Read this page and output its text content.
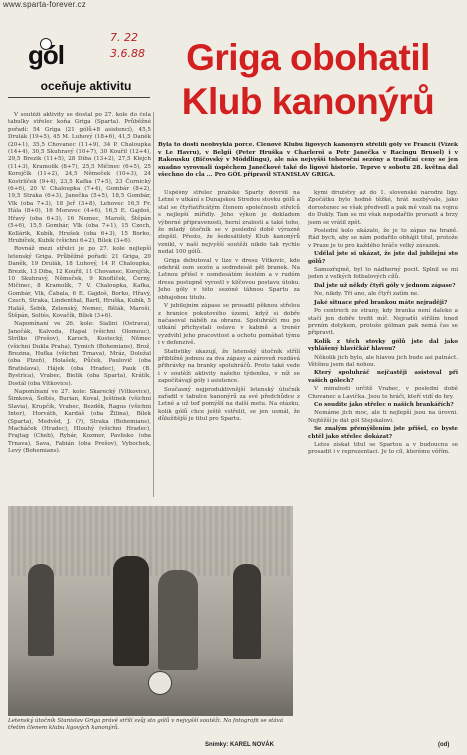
www.sparta-forever.cz
gól
7. 22
3.6.88
oceňuje aktivitu
Griga obohatil Klub kanonýrů
Byla to dosti neobvyklá porce. Členové Klubu ligových kanonýrů střelili góly ve Francii (Vízek v Le Havru), v Belgii (Peter Hruška v Charleroi a Petr Janečka v Racingu Brusel) i v Rakousku (Bičovský v Möddlingu), ale nás nejvyšší tohoroční sezóny a tradiční ceny se jen snadno vyrovnali úspěchem Janečkové také do ligové historie. Teprve v sobotu 28. května dal všechno do cla ... Pro GÓL připravil STANISLAV GRIGA.

V soutěži aktivity se dostal po 27. kole do čela tabulky střelec koňa Griga (Sparta). Průběžné pořadí: 54 Griga (21 gólů+8 asistencí), 45,5 Drulák (19+5), 45 M. Luhový (18+6), 41,5 Daněk (20+1), 35,5 Chovanec (11+9), 34 P. Chaloupka (14+4), 30,5 Skuhravý (10+7), 30 Kouřil (12+4), 29,5 Brezik (11+5), 28 Diba (13+2), 27,5 Klejch (11+3), Kramolík (8+7), 25,5 Mičinec (6+5), 25 Korejčík (11+2), 24,5 Němeček (10+3), 24 Kostrlíček (9+4), 23,5 Kafka (7+5), 23 Čurnický (6+6), 20 V. Chaloupka (7+4), Gombár (8+2), 19,5 Straka (6+3), Janečka (5+5), 18,5 Gombár, Vlk (oba 7+3), 18 Jeř (3+8), Lehovec 16,5 Fr. Hála (8+0), 16 Moravec (4+6), 16,5 E. Gajdoš, Hřavý (oba 6+3), 16 Nemec, Maroši, Štěpán (5+6), 15,5 Gombár, Vlk (oba 7+1), 15 Czech, Kollárik, Kubík, Hrušek (oba 6+3), 15 Borko, Hrubíček, Kubík (všichni 6+2), Bílek (3+6).

Rovnáž mezi střelci je po 27. kole nejlepší letenský Griga. Průběžné pořadí: 21 Griga, 20 Daněk, 19 Drulák, 18 Luhový, 14 P. Chaloupka, Brezik, 13 Diba, 12 Kouřil, 11 Chovanec, Korejčík, 10 Skuhravý, Němeček, 9 Knoflíček, Černý, Mičinec, 8 Kramolík, 7 V. Chaloupka, Kafka, Gombár, Vlk, Čabala, 6 E. Gajdoš, Borko, Hřavý, Czech, Straka, Lindenthal, Bartl, Hruška, Kubík, 5 Haláš, Šebík, Zelenský, Nemec, Bělák, Maroši, Štěpán, Soltés, Kovačík, Bílek (3+6).

Napomínaní ve 26. kole: Sialini (Ostrava), Janočák, Kalvoda, Hapal (všichni Olomouc), Strílko (Prešov), Karoch, Kostecký, Němec (všichni Dukla Praha), Tymich (Bohemians), Brož, Brezina, Huťka (všichni Trnava), Mráz, Doležal (oba Plzeň), Holašek, Půček, Paulovič (oba Bratislava), Hájek (oba Hradec), Pauk (B. Bystrica), Vrabec, Bielik (oba Sparta), Krátík, Dostál (oba Vítkovice).

Napomínaní ve 27. kole: Skarecký (Vítkovice), Šimková, Šoltés, Burian, Koval, Ještínek (všichni Slavia), Krupčík, Vrabec, Bezděk, Ragus (všichni Inter), Horváth, Kardáš (oba Žilina), Bílek (Sparta), Medvěd, J. (?), Straka (Bohemians), Macháček (Hradec), Hlouhý (všichni Hradec), Frajtag (Cheb), Rybár, Kozmer, Pavlisko (oba Trnava), Sava, Fabián (oba Prešov), Vybochek, Levý (Bohemians).

Úspěšný střelec pražské Sparty dovršil na Letné v utkání s Dunajskou Stredou stovku gólů a stal se čtyřiatřicátým členem společnosti střelců s nejlepší mířidly. Jeho výkon je dokladem výborné připravenosti, herní zralosti a také toho, že mladý útočník se v poslední době výrazně zlepšil. Přesto, že šedesátiletý Klub kanonýrů vznikl, v naší nejvyšší soutěži nikdo tak rychle nedal 100 gólů.

Griga debutoval v lize v dresu Vítkovic, kde odehrál osm sezón a sedmdesát pět branek. Na Letnou přišel v osmdesátém šestém a v rudém dresu postupně vyrostl v klíčovou postavu útoku. Jeho góly v této sezóně táhnou Spartu za obhajobou titulu.

V jubilejním zápase se prosadil pěknou střelou z hranice pokutového území, když si dobře načasoval náběh za obranu. Spoluhráči mu po utkání přichystali oslavu v kabině a trenér vyzdvihl jeho pracovitost a ochotu pomáhat týmu i v defenzivě.

Statistiky ukazují, že letenský útočník střílí přibližně jednou za dva zápasy a zároveň rozdává přihrávky na branky spoluhráčů. Proto také vede i v soutěži aktivity našeho týdeníku, v níž se započítávají góly i asistence.

Současný nejproduktivnější letenský útočník zařadil v tabulce kanonýrů za své předchůdce z Letné a už teď pomýšlí na další metu. Na otázku, kolik gólů chce ještě vstřelit, se jen usmál, že důležitější je titul pro Spartu.

kými družstvy až do 1. slovenské národní ligy. Zpočátku bylo hodně těžké, hrát nezbývalo, jako dorostenec se však předvedl a pak mě vzali na vojnu do Dukly. Tam se mi však nepodařilo prorazit a brzy jsem se vrátil zpět.

Poslední kolo ukázalo, že je to zápas na hraně. Rád bych, aby se nám podařilo obhájit titul, protože v Praze je to pro každého hráče velký závazek.

Udělal jste si ukázat, že jste dal jubilejní sto gólů?

Samozřejmě, byl to nádherný pocit. Splnil se mi jeden z velkých fotbalových cílů.

Dal jste už někdy čtyři góly v jednom zápase?

Ne, nikdy. Tři ano, ale čtyři zatím ne.

Jaké situace před brankou máte nejraději?

Po centrech ze strany, kdy branka není daleko a stačí jen dobře trefit míč. Nejradši střílím hned prvním dotykem, protože gólman pak nemá čas se připravit.

Kolik z těch stovky gólů jste dal jako vyhlášený hlavičkář hlavou?

Několik jich bylo, ale hlavou jich bude asi patnáct. Většinu jsem dal nohou.

Který spoluhráč nejčastěji asistoval při vašich gólech?

V minulosti určitě Vrabec, v poslední době Chovanec a Lavička. Jsou to hráči, kteří vidí do hry.

Co soudíte jako střelec o našich brankářích?

Nemáme jich moc, ale ti nejlepší jsou na úrovni. Nejtěžší je dát gól Stejskalovi.

Se znalým přemýšlením jste přišel, co byste chtěl jako střelec dokázat?

Letos získat titul se Spartou a v budoucnu se prosadit i v reprezentaci. Je to cíl, kterému věřím.

Letenský útočník Stanislav Griga právě střílí svůj sto gólů v nejvyšší soutěži. Na fotografii se stává třetím členem klubu ligových kanonýrů.
Snímky: KAREL NOVÁK	(od)
